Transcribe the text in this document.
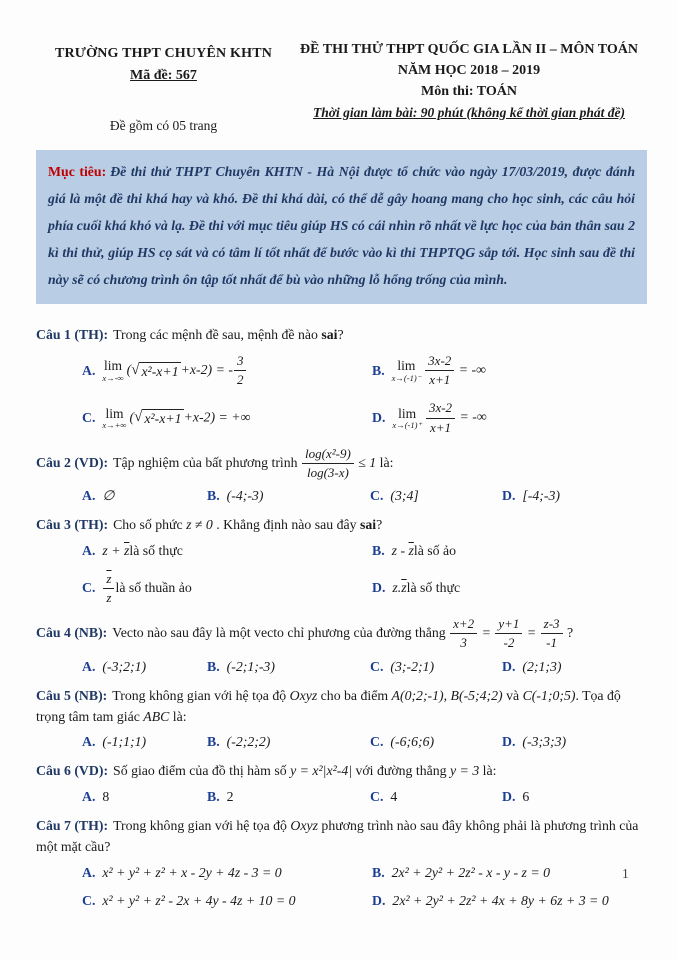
TRƯỜNG THPT CHUYÊN KHTN
Mã đề: 567
Đề gồm có 05 trang
ĐỀ THI THỬ THPT QUỐC GIA LẦN II – MÔN TOÁN
NĂM HỌC 2018 – 2019
Môn thi: TOÁN
Thời gian làm bài: 90 phút (không kể thời gian phát đề)
Mục tiêu: Đề thi thử THPT Chuyên KHTN - Hà Nội được tổ chức vào ngày 17/03/2019, được đánh giá là một đề thi khá hay và khó. Đề thi khá dài, có thể dễ gây hoang mang cho học sinh, các câu hỏi phía cuối khá khó và lạ. Đề thi với mục tiêu giúp HS có cái nhìn rõ nhất về lực học của bản thân sau 2 kì thi thử, giúp HS cọ sát và có tâm lí tốt nhất để bước vào kì thi THPTQG sắp tới. Học sinh sau đề thi này sẽ có chương trình ôn tập tốt nhất để bù vào những lỗ hổng trống của mình.
Câu 1 (TH): Trong các mệnh đề sau, mệnh đề nào sai?
A. lim
x→-∞
( √ x²-x+1 +x-2) = - $\frac{3}{2}$	B. lim
$x\to(-1)^- \frac{3x-2}{x+1}$ = -∞
C. lim
x→+∞
( √ x²-x+1 +x-2) = +∞	D. lim
$x\to(-1)^+ \frac{3x-2}{x+1}$ = -∞
Câu 2 (VD): Tập nghiệm của bất phương trình $\frac{\text{log(x²-9)}}{\log(3-x)} \le 1$ là:
A. ∅	B. (-4;-3)	C. (3;4]	D. [-4;-3)
Câu 3 (TH): Cho số phức z ≠ 0 . Khẳng định nào sau đây sai?
A. $z + \overline{z}$ là số thực	B. z - $\overline{z}$ là số ảo
C. $\frac{\overline{z}}{z}$ là số thuần ảo	D. $z.\overline{z}$ là số thực
Câu 4 (NB): Vecto nào sau đây là một vecto chỉ phương của đường thẳng $\frac{x+2}{3} = \frac{y+1}{-2} = \frac{z-3}{-1}$ ?
A. (-3;2;1)	B. (-2;1;-3)	C. (3;-2;1)	D. (2;1;3)
Câu 5 (NB): Trong không gian với hệ tọa độ Oxyz cho ba điểm A(0;2;-1), B(-5;4;2) và C(-1;0;5). Tọa độ trọng tâm tam giác ABC là:
A. (-1;1;1)	B. (-2;2;2)	C. (-6;6;6)	D. (-3;3;3)
Câu 6 (VD): Số giao điểm của đồ thị hàm số y = x²|x²-4| với đường thẳng y = 3 là:
A. 8	B. 2	C. 4	D. 6
Câu 7 (TH): Trong không gian với hệ tọa độ Oxyz phương trình nào sau đây không phải là phương trình của một mặt cầu?
A. x² + y² + z² + x - 2y + 4z - 3 = 0	B. 2x² + 2y² + 2z² - x - y - z = 0
C. x² + y² + z² - 2x + 4y - 4z + 10 = 0	D. 2x² + 2y² + 2z² + 4x + 8y + 6z + 3 = 0
1
